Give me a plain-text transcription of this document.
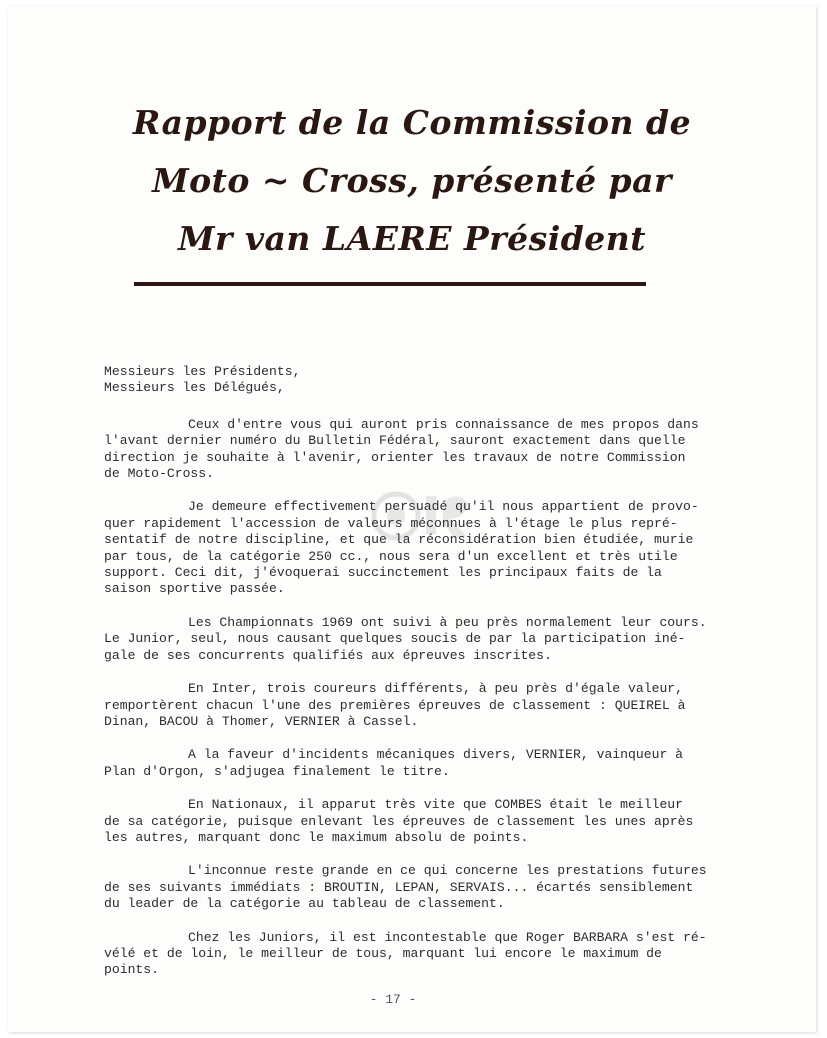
Rapport de la Commission de
Moto ~ Cross, présenté par
Mr van LAERE Président
Messieurs les Présidents,
Messieurs les Délégués,
Ceux d'entre vous qui auront pris connaissance de mes propos dans
l'avant dernier numéro du Bulletin Fédéral, sauront exactement dans quelle
direction je souhaite à l'avenir, orienter les travaux de notre Commission
de Moto-Cross.
Je demeure effectivement persuadé qu'il nous appartient de provo-
quer rapidement l'accession de valeurs méconnues à l'étage le plus repré-
sentatif de notre discipline, et que la réconsidération bien étudiée, murie
par tous, de la catégorie 250 cc., nous sera d'un excellent et très utile
support. Ceci dit, j'évoquerai succinctement les principaux faits de la
saison sportive passée.
Les Championnats 1969 ont suivi à peu près normalement leur cours.
Le Junior, seul, nous causant quelques soucis de par la participation iné-
gale de ses concurrents qualifiés aux épreuves inscrites.
En Inter, trois coureurs différents, à peu près d'égale valeur,
remportèrent chacun l'une des premières épreuves de classement : QUEIREL à
Dinan, BACOU à Thomer, VERNIER à Cassel.
A la faveur d'incidents mécaniques divers, VERNIER, vainqueur à
Plan d'Orgon, s'adjugea finalement le titre.
En Nationaux, il apparut très vite que COMBES était le meilleur
de sa catégorie, puisque enlevant les épreuves de classement les unes après
les autres, marquant donc le maximum absolu de points.
L'inconnue reste grande en ce qui concerne les prestations futures
de ses suivants immédiats : BROUTIN, LEPAN, SERVAIS... écartés sensiblement
du leader de la catégorie au tableau de classement.
Chez les Juniors, il est incontestable que Roger BARBARA s'est ré-
vélé et de loin, le meilleur de tous, marquant lui encore le maximum de
points.
- 17 -
